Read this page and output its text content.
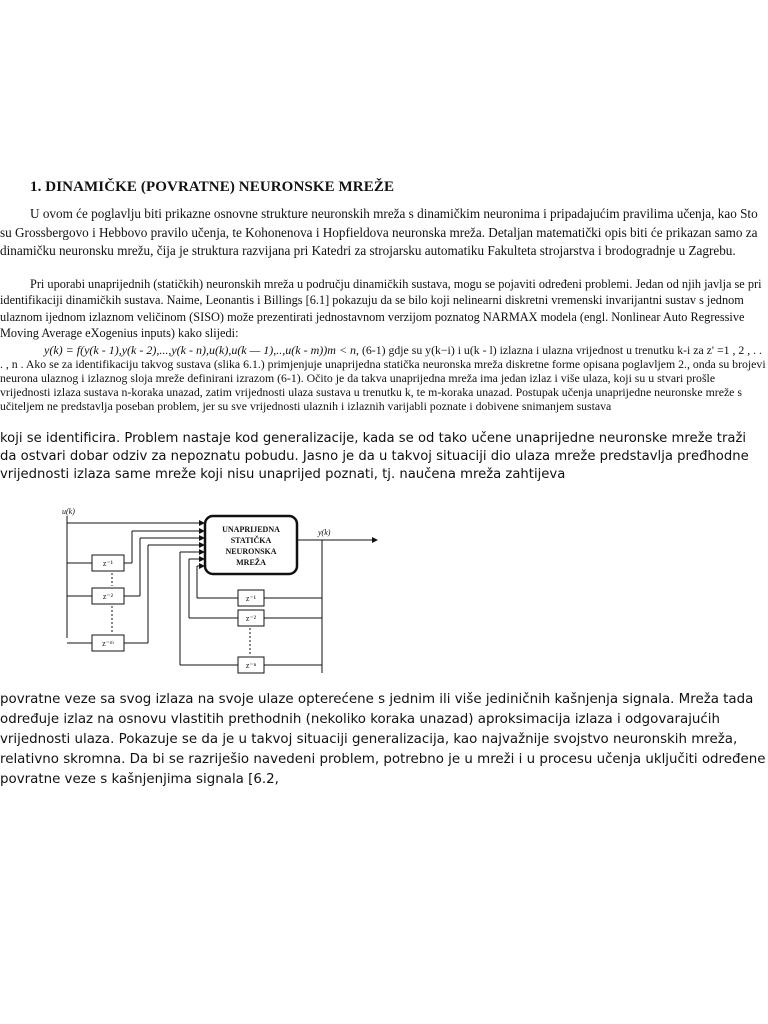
1. DINAMIČKE (POVRATNE) NEURONSKE MREŽE
U ovom će poglavlju biti prikazne osnovne strukture neuronskih mreža s dinamičkim neuronima i pripadajućim pravilima učenja, kao Sto su Grossbergovo i Hebbovo pravilo učenja, te Kohonenova i Hopfieldova neuronska mreža. Detaljan matematički opis biti će prikazan samo za dinamičku neuronsku mrežu, čija je struktura razvijana pri Katedri za strojarsku automatiku Fakulteta strojarstva i brodogradnje u Zagrebu.
Pri uporabi unaprijednih (statičkih) neuronskih mreža u području dinamičkih sustava, mogu se pojaviti određeni problemi. Jedan od njih javlja se pri identifikaciji dinamičkih sustava. Naime, Leonantis i Billings [6.1] pokazuju da se bilo koji nelinearni diskretni vremenski invarijantni sustav s jednom ulaznom ijednom izlaznom veličinom (SISO) može prezentirati jednostavnom verzijom poznatog NARMAX modela (engl. Nonlinear Auto Regressive Moving Average eXogenius inputs) kako slijedi:
y(k) = f(y(k - 1),y(k - 2),...,y(k - n),u(k),u(k — 1),..,u(k - m))m < n, (6-1) gdje su y(k−i) i u(k - l) izlazna i ulazna vrijednost u trenutku k-i za z' =1 , 2 , . . . , n . Ako se za identifikaciju takvog sustava (slika 6.1.) primjenjuje unaprijedna statička neuronska mreža diskretne forme opisana poglavljem 2., onda su brojevi neurona ulaznog i izlaznog sloja mreže definirani izrazom (6-1). Očito je da takva unaprijedna mreža ima jedan izlaz i više ulaza, koji su u stvari prošle vrijednosti izlaza sustava n-koraka unazad, zatim vrijednosti ulaza sustava u trenutku k, te m-koraka unazad. Postupak učenja unaprijedne neuronske mreže s učiteljem ne predstavlja poseban problem, jer su sve vrijednosti ulaznih i izlaznih varijabli poznate i dobivene snimanjem sustava
koji se identificira. Problem nastaje kod generalizacije, kada se od tako učene unaprijedne neuronske mreže traži da ostvari dobar odziv za nepoznatu pobudu. Jasno je da u takvoj situaciji dio ulaza mreže predstavlja prеđhodne vrijednosti izlaza same mreže koji nisu unaprijed poznati, tj. naučena mreža zahtijeva
UNAPRIJEDNA
STATIČKA
NEURONSKA
MREŽA
u(k)
y(k)
z⁻¹
z⁻²
z⁻ᵐ
z⁻¹
z⁻²
z⁻ⁿ
povratne veze sa svog izlaza na svoje ulaze opterećene s jednim ili više jediničnih kašnjenja signala. Mreža tada određuje izlaz na osnovu vlastitih prethodnih (nekoliko koraka unazad) aproksimacija izlaza i odgovarajućih vrijednosti ulaza. Pokazuje se da je u takvoj situaciji generalizacija, kao najvažnije svojstvo neuronskih mreža, relativno skromna. Da bi se razriješio navedeni problem, potrebno je u mreži i u procesu učenja uključiti određene povratne veze s kašnjenjima signala [6.2,
